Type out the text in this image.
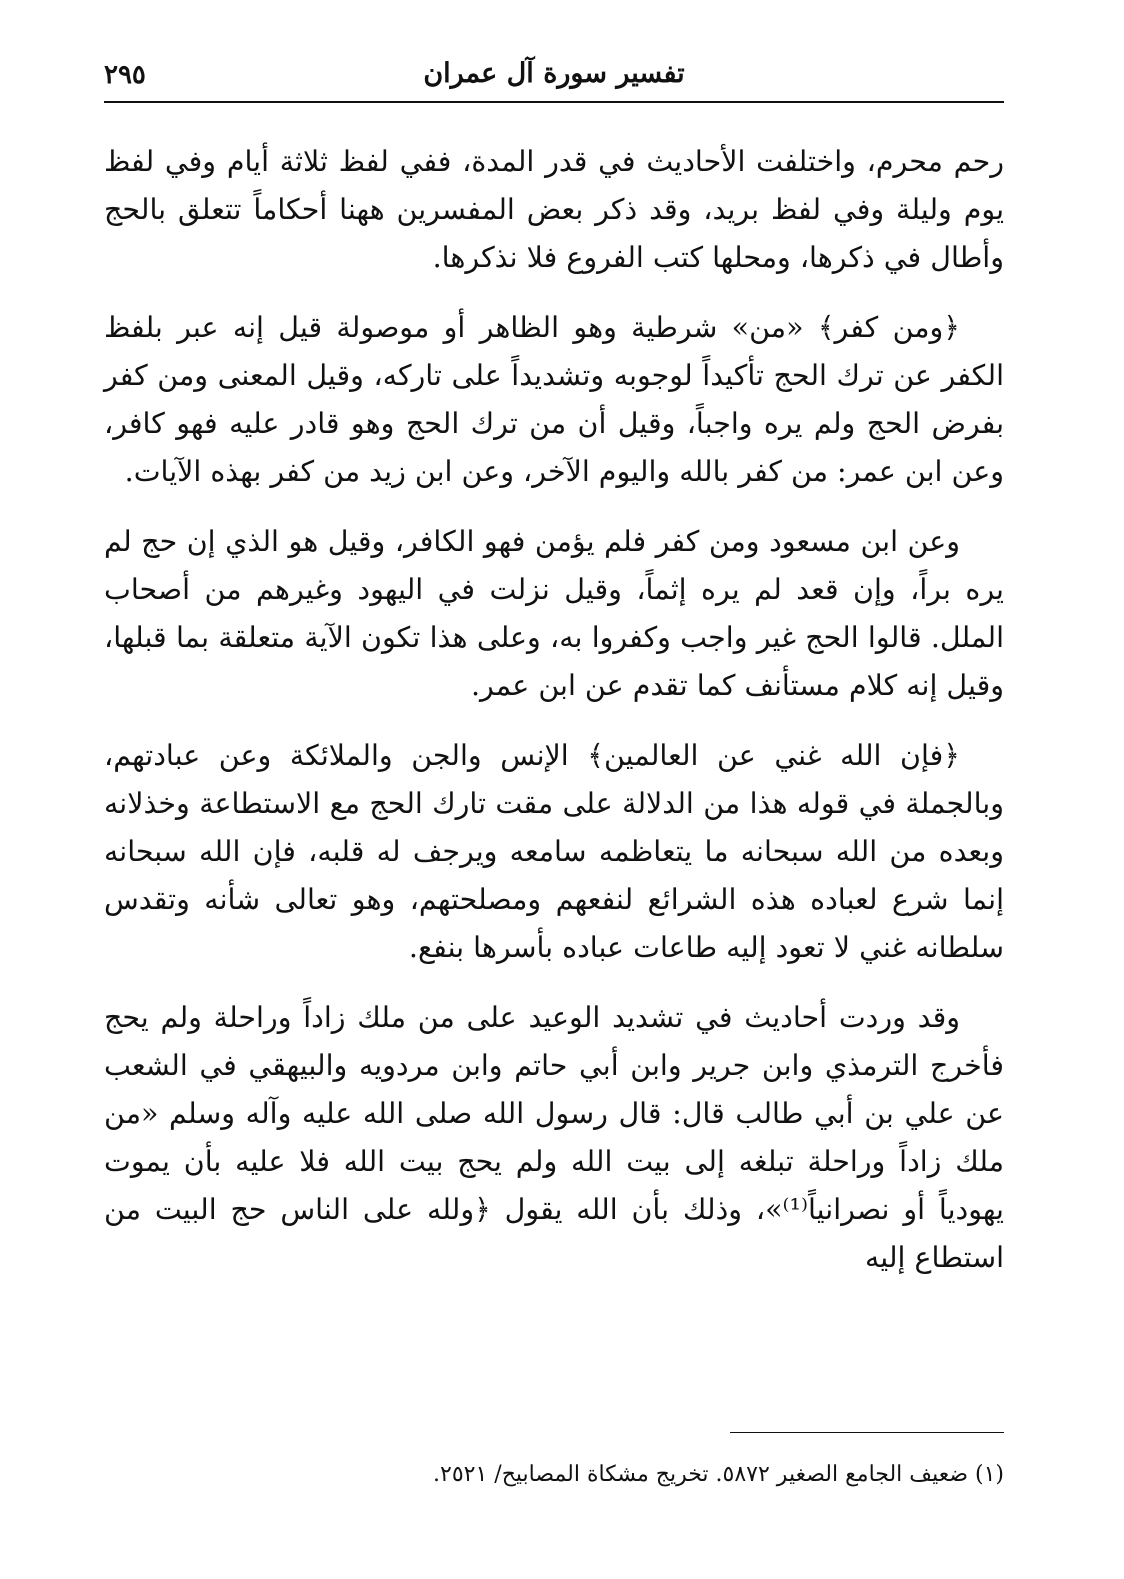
٢٩٥	تفسير سورة آل عمران

رحم محرم، واختلفت الأحاديث في قدر المدة، ففي لفظ ثلاثة أيام وفي لفظ يوم وليلة وفي لفظ بريد، وقد ذكر بعض المفسرين ههنا أحكاماً تتعلق بالحج وأطال في ذكرها، ومحلها كتب الفروع فلا نذكرها.

﴿ومن كفر﴾ «من» شرطية وهو الظاهر أو موصولة قيل إنه عبر بلفظ الكفر عن ترك الحج تأكيداً لوجوبه وتشديداً على تاركه، وقيل المعنى ومن كفر بفرض الحج ولم يره واجباً، وقيل أن من ترك الحج وهو قادر عليه فهو كافر، وعن ابن عمر: من كفر بالله واليوم الآخر، وعن ابن زيد من كفر بهذه الآيات.

وعن ابن مسعود ومن كفر فلم يؤمن فهو الكافر، وقيل هو الذي إن حج لم يره براً، وإن قعد لم يره إثماً، وقيل نزلت في اليهود وغيرهم من أصحاب الملل. قالوا الحج غير واجب وكفروا به، وعلى هذا تكون الآية متعلقة بما قبلها، وقيل إنه كلام مستأنف كما تقدم عن ابن عمر.

﴿فإن الله غني عن العالمين﴾ الإنس والجن والملائكة وعن عبادتهم، وبالجملة في قوله هذا من الدلالة على مقت تارك الحج مع الاستطاعة وخذلانه وبعده من الله سبحانه ما يتعاظمه سامعه ويرجف له قلبه، فإن الله سبحانه إنما شرع لعباده هذه الشرائع لنفعهم ومصلحتهم، وهو تعالى شأنه وتقدس سلطانه غني لا تعود إليه طاعات عباده بأسرها بنفع.

وقد وردت أحاديث في تشديد الوعيد على من ملك زاداً وراحلة ولم يحج فأخرج الترمذي وابن جرير وابن أبي حاتم وابن مردويه والبيهقي في الشعب عن علي بن أبي طالب قال: قال رسول الله صلى الله عليه وآله وسلم «من ملك زاداً وراحلة تبلغه إلى بيت الله ولم يحج بيت الله فلا عليه بأن يموت يهودياً أو نصرانياً⁽¹⁾»، وذلك بأن الله يقول ﴿ولله على الناس حج البيت من استطاع إليه

(١) ضعيف الجامع الصغير ٥٨٧٢. تخريج مشكاة المصابيح/ ٢٥٢١.
